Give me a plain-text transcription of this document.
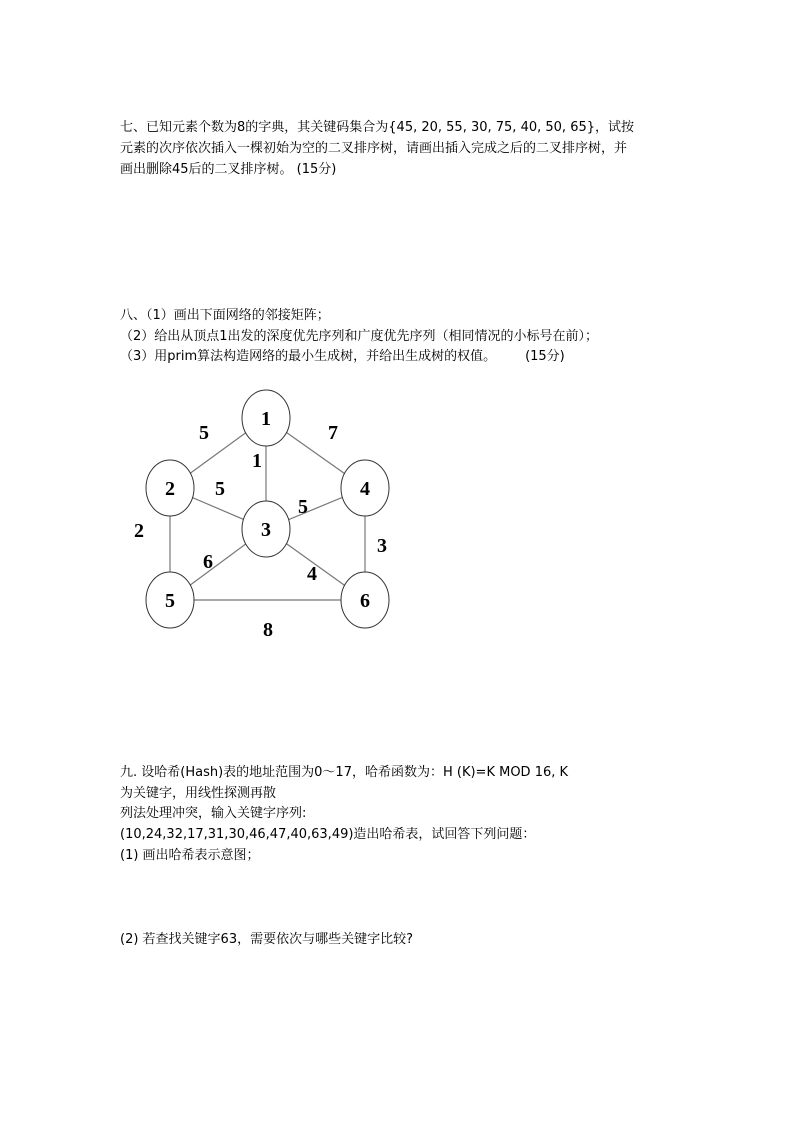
七、已知元素个数为8的字典，其关键码集合为{45, 20, 55, 30, 75, 40, 50, 65}，试按
元素的次序依次插入一棵初始为空的二叉排序树，请画出插入完成之后的二叉排序树，并
画出删除45后的二叉排序树。 (15分)
八、（1）画出下面网络的邻接矩阵；
（2）给出从顶点1出发的深度优先序列和广度优先序列（相同情况的小标号在前）；
（3）用prim算法构造网络的最小生成树，并给出生成树的权值。       (15分)
5
1
7
5
2
5
6
4
3
8
1
2
3
4
5	6
九. 设哈希(Hash)表的地址范围为0～17，哈希函数为：H (K)=K MOD 16, K
为关键字，用线性探测再散
列法处理冲突，输入关键字序列:
(10,24,32,17,31,30,46,47,40,63,49)造出哈希表，试回答下列问题：
(1) 画出哈希表示意图；
(2) 若查找关键字63，需要依次与哪些关键字比较?
